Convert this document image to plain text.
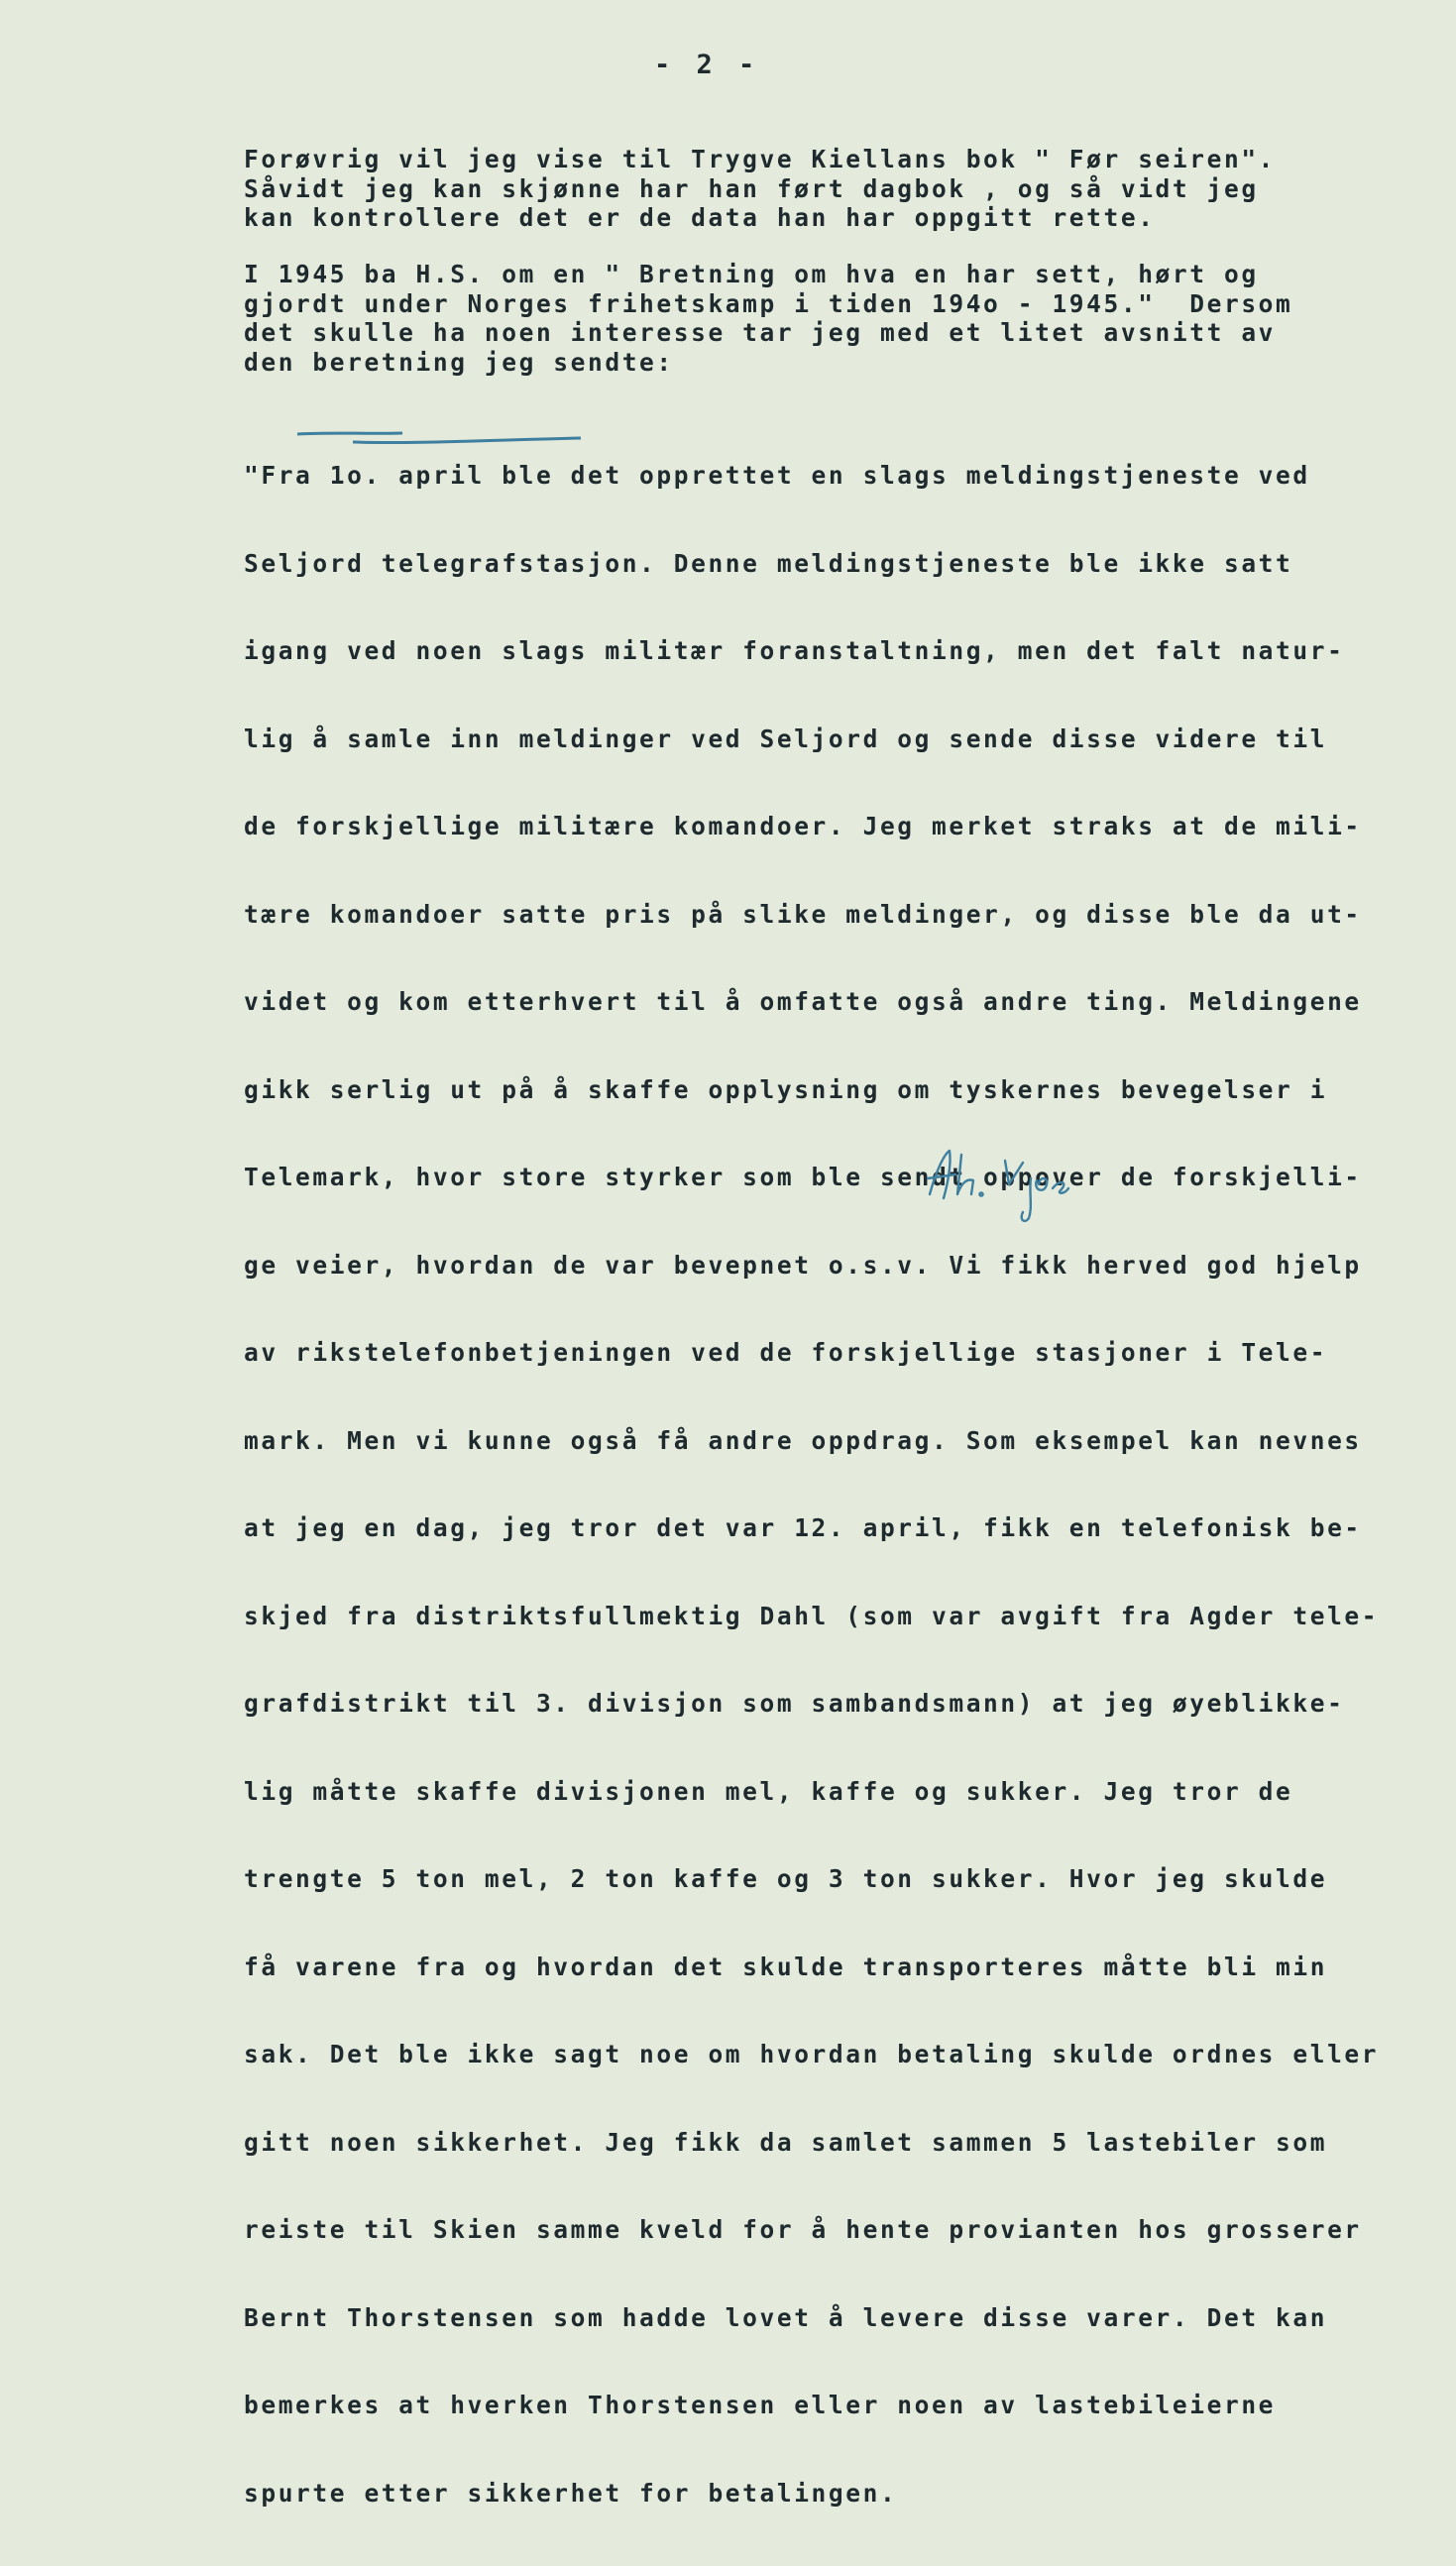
- 2 -

Forøvrig vil jeg vise til Trygve Kiellans bok " Før seiren".
Såvidt jeg kan skjønne har han ført dagbok , og så vidt jeg
kan kontrollere det er de data han har oppgitt rette.

I 1945 ba H.S. om en " Bretning om hva en har sett, hørt og
gjordt under Norges frihetskamp i tiden 194o - 1945."  Dersom
det skulle ha noen interesse tar jeg med et litet avsnitt av
den beretning jeg sendte:

"Fra 1o. april ble det opprettet en slags meldingstjeneste ved

Seljord telegrafstasjon. Denne meldingstjeneste ble ikke satt

igang ved noen slags militær foranstaltning, men det falt natur-

lig å samle inn meldinger ved Seljord og sende disse videre til

de forskjellige militære komandoer. Jeg merket straks at de mili-

tære komandoer satte pris på slike meldinger, og disse ble da ut-

videt og kom etterhvert til å omfatte også andre ting. Meldingene

gikk serlig ut på å skaffe opplysning om tyskernes bevegelser i

Telemark, hvor store styrker som ble sendt oppover de forskjelli-

ge veier, hvordan de var bevepnet o.s.v. Vi fikk herved god hjelp

av rikstelefonbetjeningen ved de forskjellige stasjoner i Tele-

mark. Men vi kunne også få andre oppdrag. Som eksempel kan nevnes

at jeg en dag, jeg tror det var 12. april, fikk en telefonisk be-

skjed fra distriktsfullmektig Dahl (som var avgift fra Agder tele-

grafdistrikt til 3. divisjon som sambandsmann) at jeg øyeblikke-

lig måtte skaffe divisjonen mel, kaffe og sukker. Jeg tror de

trengte 5 ton mel, 2 ton kaffe og 3 ton sukker. Hvor jeg skulde

få varene fra og hvordan det skulde transporteres måtte bli min

sak. Det ble ikke sagt noe om hvordan betaling skulde ordnes eller

gitt noen sikkerhet. Jeg fikk da samlet sammen 5 lastebiler som

reiste til Skien samme kveld for å hente provianten hos grosserer

Bernt Thorstensen som hadde lovet å levere disse varer. Det kan

bemerkes at hverken Thorstensen eller noen av lastebileierne

spurte etter sikkerhet for betalingen.
